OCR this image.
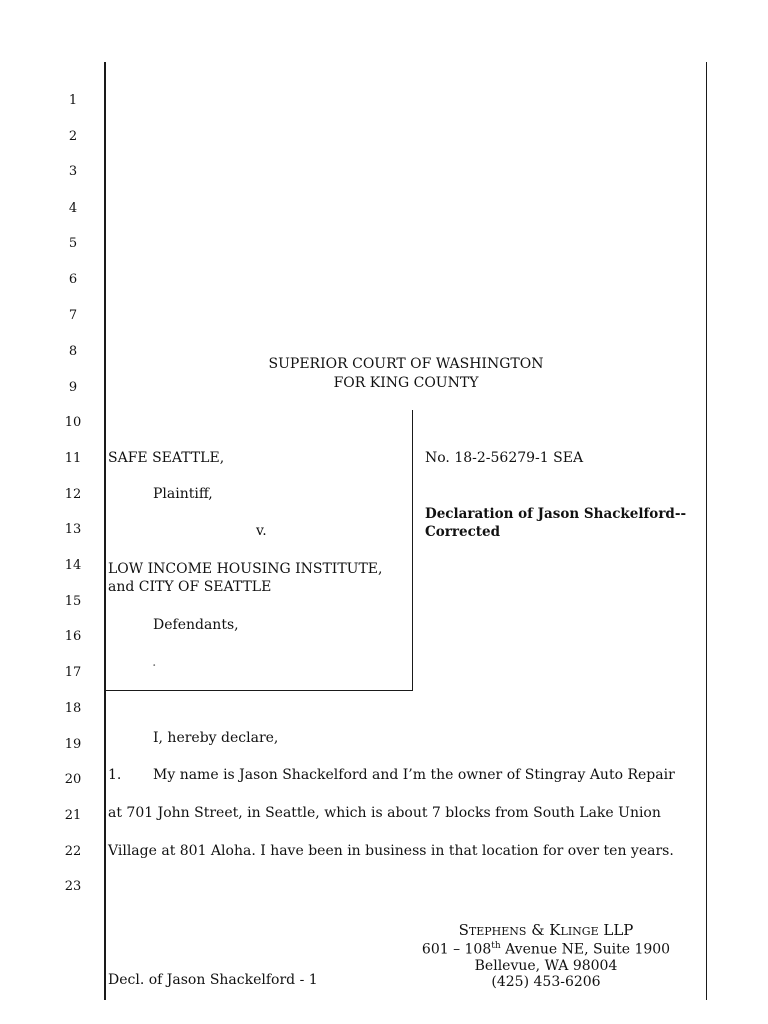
1
2
3
4
5
6
7
8
9
10
11
12
13
14
15
16
17
18
19
20
21
22
23
SUPERIOR COURT OF WASHINGTON
FOR KING COUNTY
SAFE SEATTLE,
Plaintiff,
v.
LOW INCOME HOUSING INSTITUTE,
and CITY OF SEATTLE
Defendants,
.
No. 18-2-56279-1 SEA
Declaration of Jason Shackelford--
Corrected
I, hereby declare,
1. My name is Jason Shackelford and I’m the owner of Stingray Auto Repair
at 701 John Street, in Seattle, which is about 7 blocks from South Lake Union
Village at 801 Aloha. I have been in business in that location for over ten years.
Decl. of Jason Shackelford - 1
Stephens & Klinge LLP
601 – 108th Avenue NE, Suite 1900
Bellevue, WA 98004
(425) 453-6206
